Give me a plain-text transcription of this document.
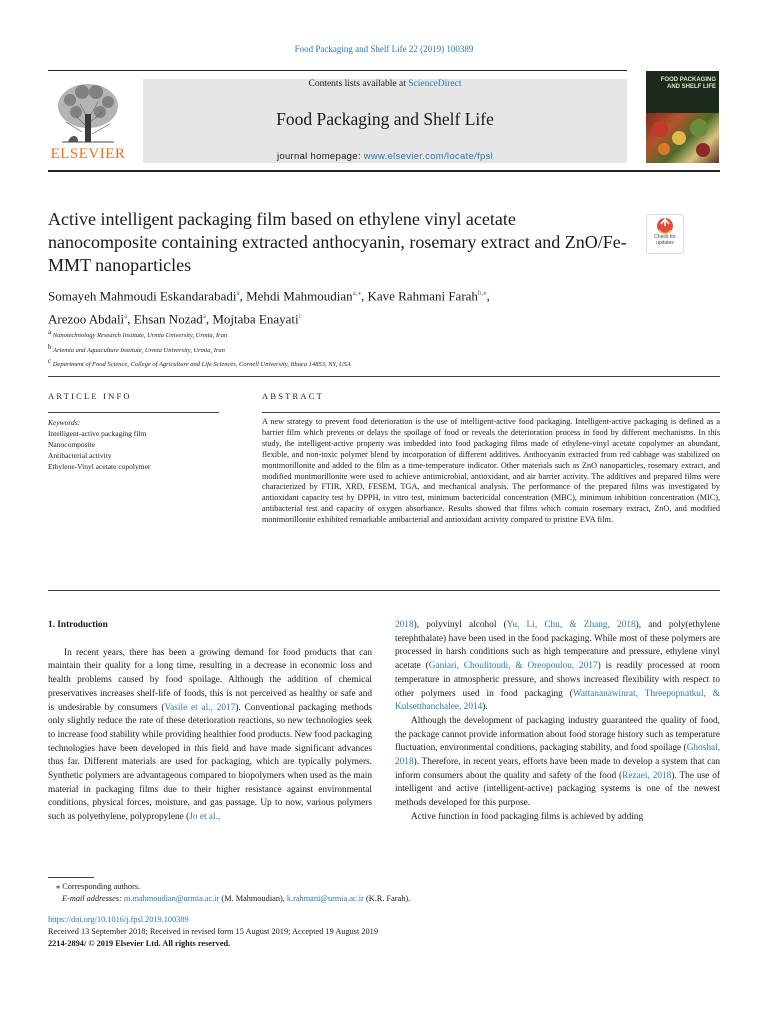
Food Packaging and Shelf Life 22 (2019) 100389
ELSEVIER
Contents lists available at ScienceDirect
Food Packaging and Shelf Life
journal homepage: www.elsevier.com/locate/fpsl
FOOD PACKAGING AND SHELF LIFE
Active intelligent packaging film based on ethylene vinyl acetate nanocomposite containing extracted anthocyanin, rosemary extract and ZnO/Fe-MMT nanoparticles
Check for updates
Somayeh Mahmoudi Eskandarabadi$^a$, Mehdi Mahmoudian$^{a,⁎}$, Kave Rahmani Farah$^{b,⁎}$,
Arezoo Abdali$^a$, Ehsan Nozad$^a$, Mojtaba Enayati$^c$
$^a$ Nanotechnology Research Institute, Urmia University, Urmia, Iran
$^b$ Artemia and Aquaculture Institute, Urmia University, Urmia, Iran
$^c$ Department of Food Science, College of Agriculture and Life Sciences, Cornell University, Ithaca 14853, NY, USA
ARTICLE INFO	ABSTRACT
Keywords:
Intelligent-active packaging film
Nanocomposite
Antibacterial activity
Ethylene-Vinyl acetate copolymer
A new strategy to prevent food deterioration is the use of intelligent-active food packaging. Intelligent-active packaging is defined as a barrier film which prevents or delays the spoilage of food or reveals the deterioration process in food by different mechanisms. In this study, the intelligent-active property was imbedded into food packaging films made of ethylene-vinyl acetate copolymer an abundant, flexible, and non-toxic polymer blend by incorporation of different additives. Anthocyanin extracted from red cabbage was stabilized on montmorillonite and added to the film as a time-temperature indicator. Other materials such as ZnO nanoparticles, rosemary extract, and modified montmorillonite were used to achieve antimicrobial, antioxidant, and air barrier activity. The additives and prepared films were characterized by FTIR, XRD, FESEM, TGA, and mechanical analysis. The performance of the prepared films was investigated by antioxidant capacity test by DPPH, in vitro test, minimum bactericidal concentration (MBC), minimum inhibition concentration (MIC), antibacterial test and capacity of oxygen absorbance. Results showed that films which contain rosemary extract, ZnO, and modified montmorillonite exhibited remarkable antibacterial and antioxidant activity compared to pristine EVA film.
1. Introduction

In recent years, there has been a growing demand for food products that can maintain their quality for a long time, resulting in a decrease in economic loss and health problems caused by food spoilage. Although the addition of chemical preservatives increases shelf-life of foods, this is not perceived as healthy or safe and is undesirable by consumers (Vasile et al., 2017). Conventional packaging methods only slightly reduce the rate of these deterioration reactions, so new technologies seek to increase food stability while providing healthier food products. New food packaging technologies have been developed in this field and have made significant advances thus far. Different materials are used for packaging, which are typically polymers. Synthetic polymers are advantageous compared to biopolymers when used as the main material in packaging films due to their higher resistance against environmental conditions, physical forces, moisture, and gas passage. Up to now, various polymers such as polyethylene, polypropylene (Jo et al.,

2018), polyvinyl alcohol (Yu, Li, Chu, & Zhang, 2018), and poly(ethylene terephthalate) have been used in the food packaging. While most of these polymers are processed in harsh conditions such as high temperature and pressure, ethylene vinyl acetate (Ganiari, Choulitoudi, & Oreopoulou, 2017) is readily processed at room temperature in atmospheric pressure, and shows increased flexibility with respect to other polymers used in food packaging (Wattananawinrat, Threepopnatkul, & Kulsetthanchalee, 2014).

Although the development of packaging industry guaranteed the quality of food, the package cannot provide information about food storage history such as temperature fluctuation, environmental conditions, packaging stability, and food spoilage (Ghoshal, 2018). Therefore, in recent years, efforts have been made to develop a system that can inform consumers about the quality and safety of the food (Rezaei, 2018). The use of intelligent and active (intelligent-active) packaging systems is one of the newest methods developed for this purpose.

Active function in food packaging films is achieved by adding

⁎ Corresponding authors.
E-mail addresses: m.mahmoudian@urmia.ac.ir (M. Mahmoudian), k.rahmani@urmia.ac.ir (K.R. Farah).
https://doi.org/10.1016/j.fpsl.2019.100389
Received 13 September 2018; Received in revised form 15 August 2019; Accepted 19 August 2019
2214-2894/ © 2019 Elsevier Ltd. All rights reserved.
